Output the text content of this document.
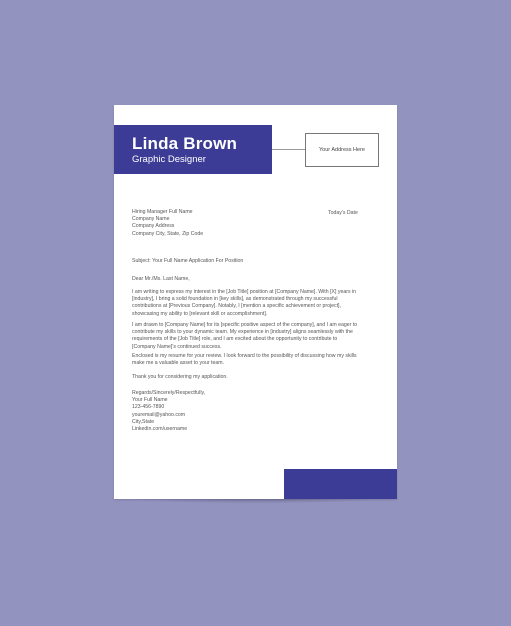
Linda Brown
Graphic Designer
Your Address Here
Hiring Manager Full Name
Company Name
Company Address
Company City, State, Zip Code
Today's Date
Subject: Your Full Name Application For Position
Dear Mr./Ms. Last Name,
I am writing to express my interest in the [Job Title] position at [Company Name]. With [X] years in
[industry], I bring a solid foundation in [key skills], as demonstrated through my successful
contributions at [Previous Company]. Notably, I [mention a specific achievement or project],
showcasing my ability to [relevant skill or accomplishment].
I am drawn to [Company Name] for its [specific positive aspect of the company], and I am eager to
contribute my skills to your dynamic team. My experience in [industry] aligns seamlessly with the
requirements of the [Job Title] role, and I am excited about the opportunity to contribute to
[Company Name]'s continued success.
Enclosed is my resume for your review. I look forward to the possibility of discussing how my skills
make me a valuable asset to your team.
Thank you for considering my application.
Regards/Sincerely/Respectfully,
Your Full Name
123-456-7890
youremail@yahoo.com
City,State
Linkedin.com/username
